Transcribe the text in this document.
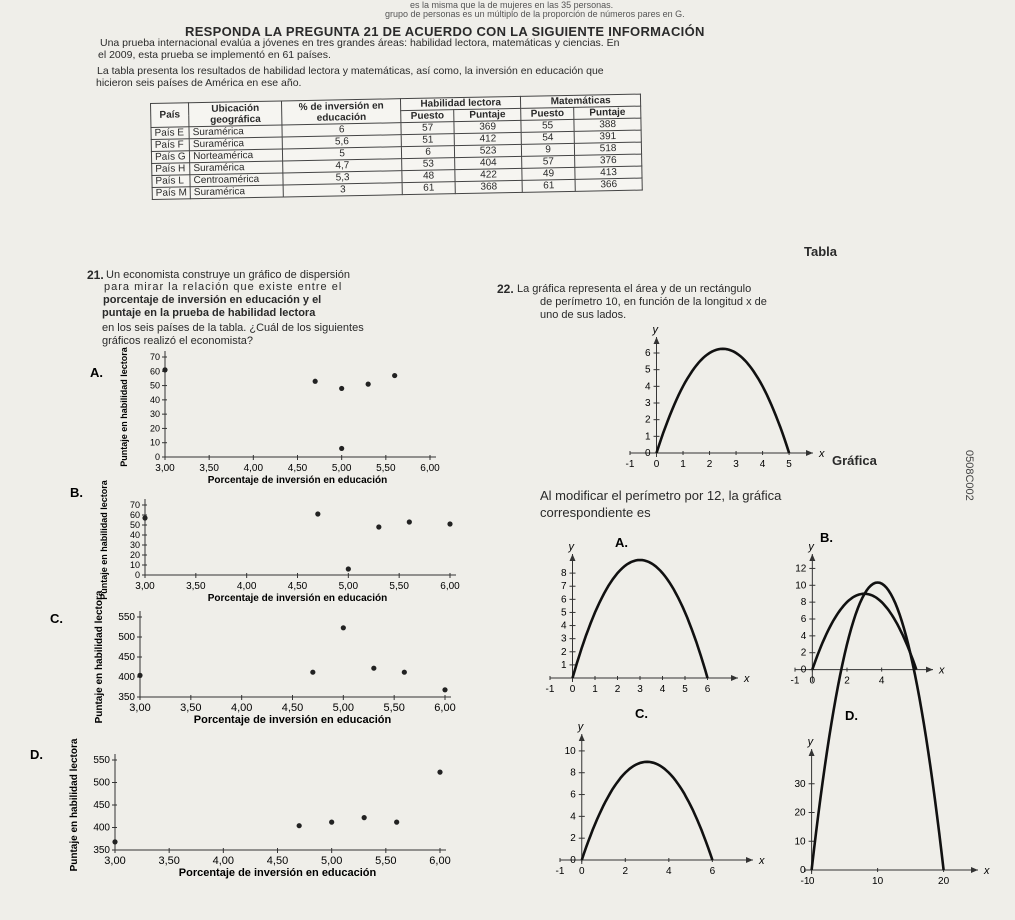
es la misma que la de mujeres en las 35 personas.
grupo de personas es un múltiplo de la proporción de números pares en G.
RESPONDA LA PREGUNTA 21 DE ACUERDO CON LA SIGUIENTE INFORMACIÓN
Una prueba internacional evalúa a jóvenes en tres grandes áreas: habilidad lectora, matemáticas y ciencias. En
el 2009, esta prueba se implementó en 61 países.
La tabla presenta los resultados de habilidad lectora y matemáticas, así como, la inversión en educación que
hicieron seis países de América en ese año.
País	Ubicación geográfica	% de inversión en educación	Habilidad lectora		Matemáticas	
			Puesto	Puntaje	Puesto	Puntaje
País E	Suramérica	6	57	369	55	388
País F	Suramérica	5,6	51	412	54	391
País G	Norteamérica	5	6	523	9	518
País H	Suramérica	4,7	53	404	57	376
País L	Centroamérica	5,3	48	422	49	413
País M	Suramérica	3	61	368	61	366
Tabla
21. Un economista construye un gráfico de dispersión
para mirar la relación que existe entre el
porcentaje de inversión en educación y el
puntaje en la prueba de habilidad lectora
en los seis países de la tabla. ¿Cuál de los siguientes
gráficos realizó el economista?
22. La gráfica representa el área y de un rectángulo
de perímetro 10, en función de la longitud x de
uno de sus lados.
Gráfica
Al modificar el perímetro por 12, la gráfica
correspondiente es
0508C002
A.
0
10
20
30
40
50
60
70
3,00 3,50 4,00 4,50 5,00 5,50 6,00
Porcentaje de inversión en educación
Puntaje en habilidad lectora
B.
0
10
20
30
40
50
60
70
3,00	3,50	4,00	4,50	5,00	5,50	6,00
Porcentaje de inversión en educación
Puntaje en habilidad lectora
C.
350
400
450
500
550
3,00	3,50	4,00	4,50	5,00	5,50	6,00
Porcentaje de inversión en educación
Puntaje en habilidad lectora
D.
350
400
450
500
550
3,00	3,50	4,00	4,50	5,00	5,50	6,00
Porcentaje de inversión en educación
Puntaje en habilidad lectora
x
y
-1 0 1 2 3 4 5
0
1
2
3
4
5
6
A.
x
y
-1 0 1 2 3 4 5 6
1
2
3
4
5
6
7
8
B.
x
y
-1 0	2	4
0
2
4
6
8
10
12
C.
x
y
-1 0	2	4	6
0
2
4
6
8
10
D.
x
y
-1 0	10	20
0
10
20
30
